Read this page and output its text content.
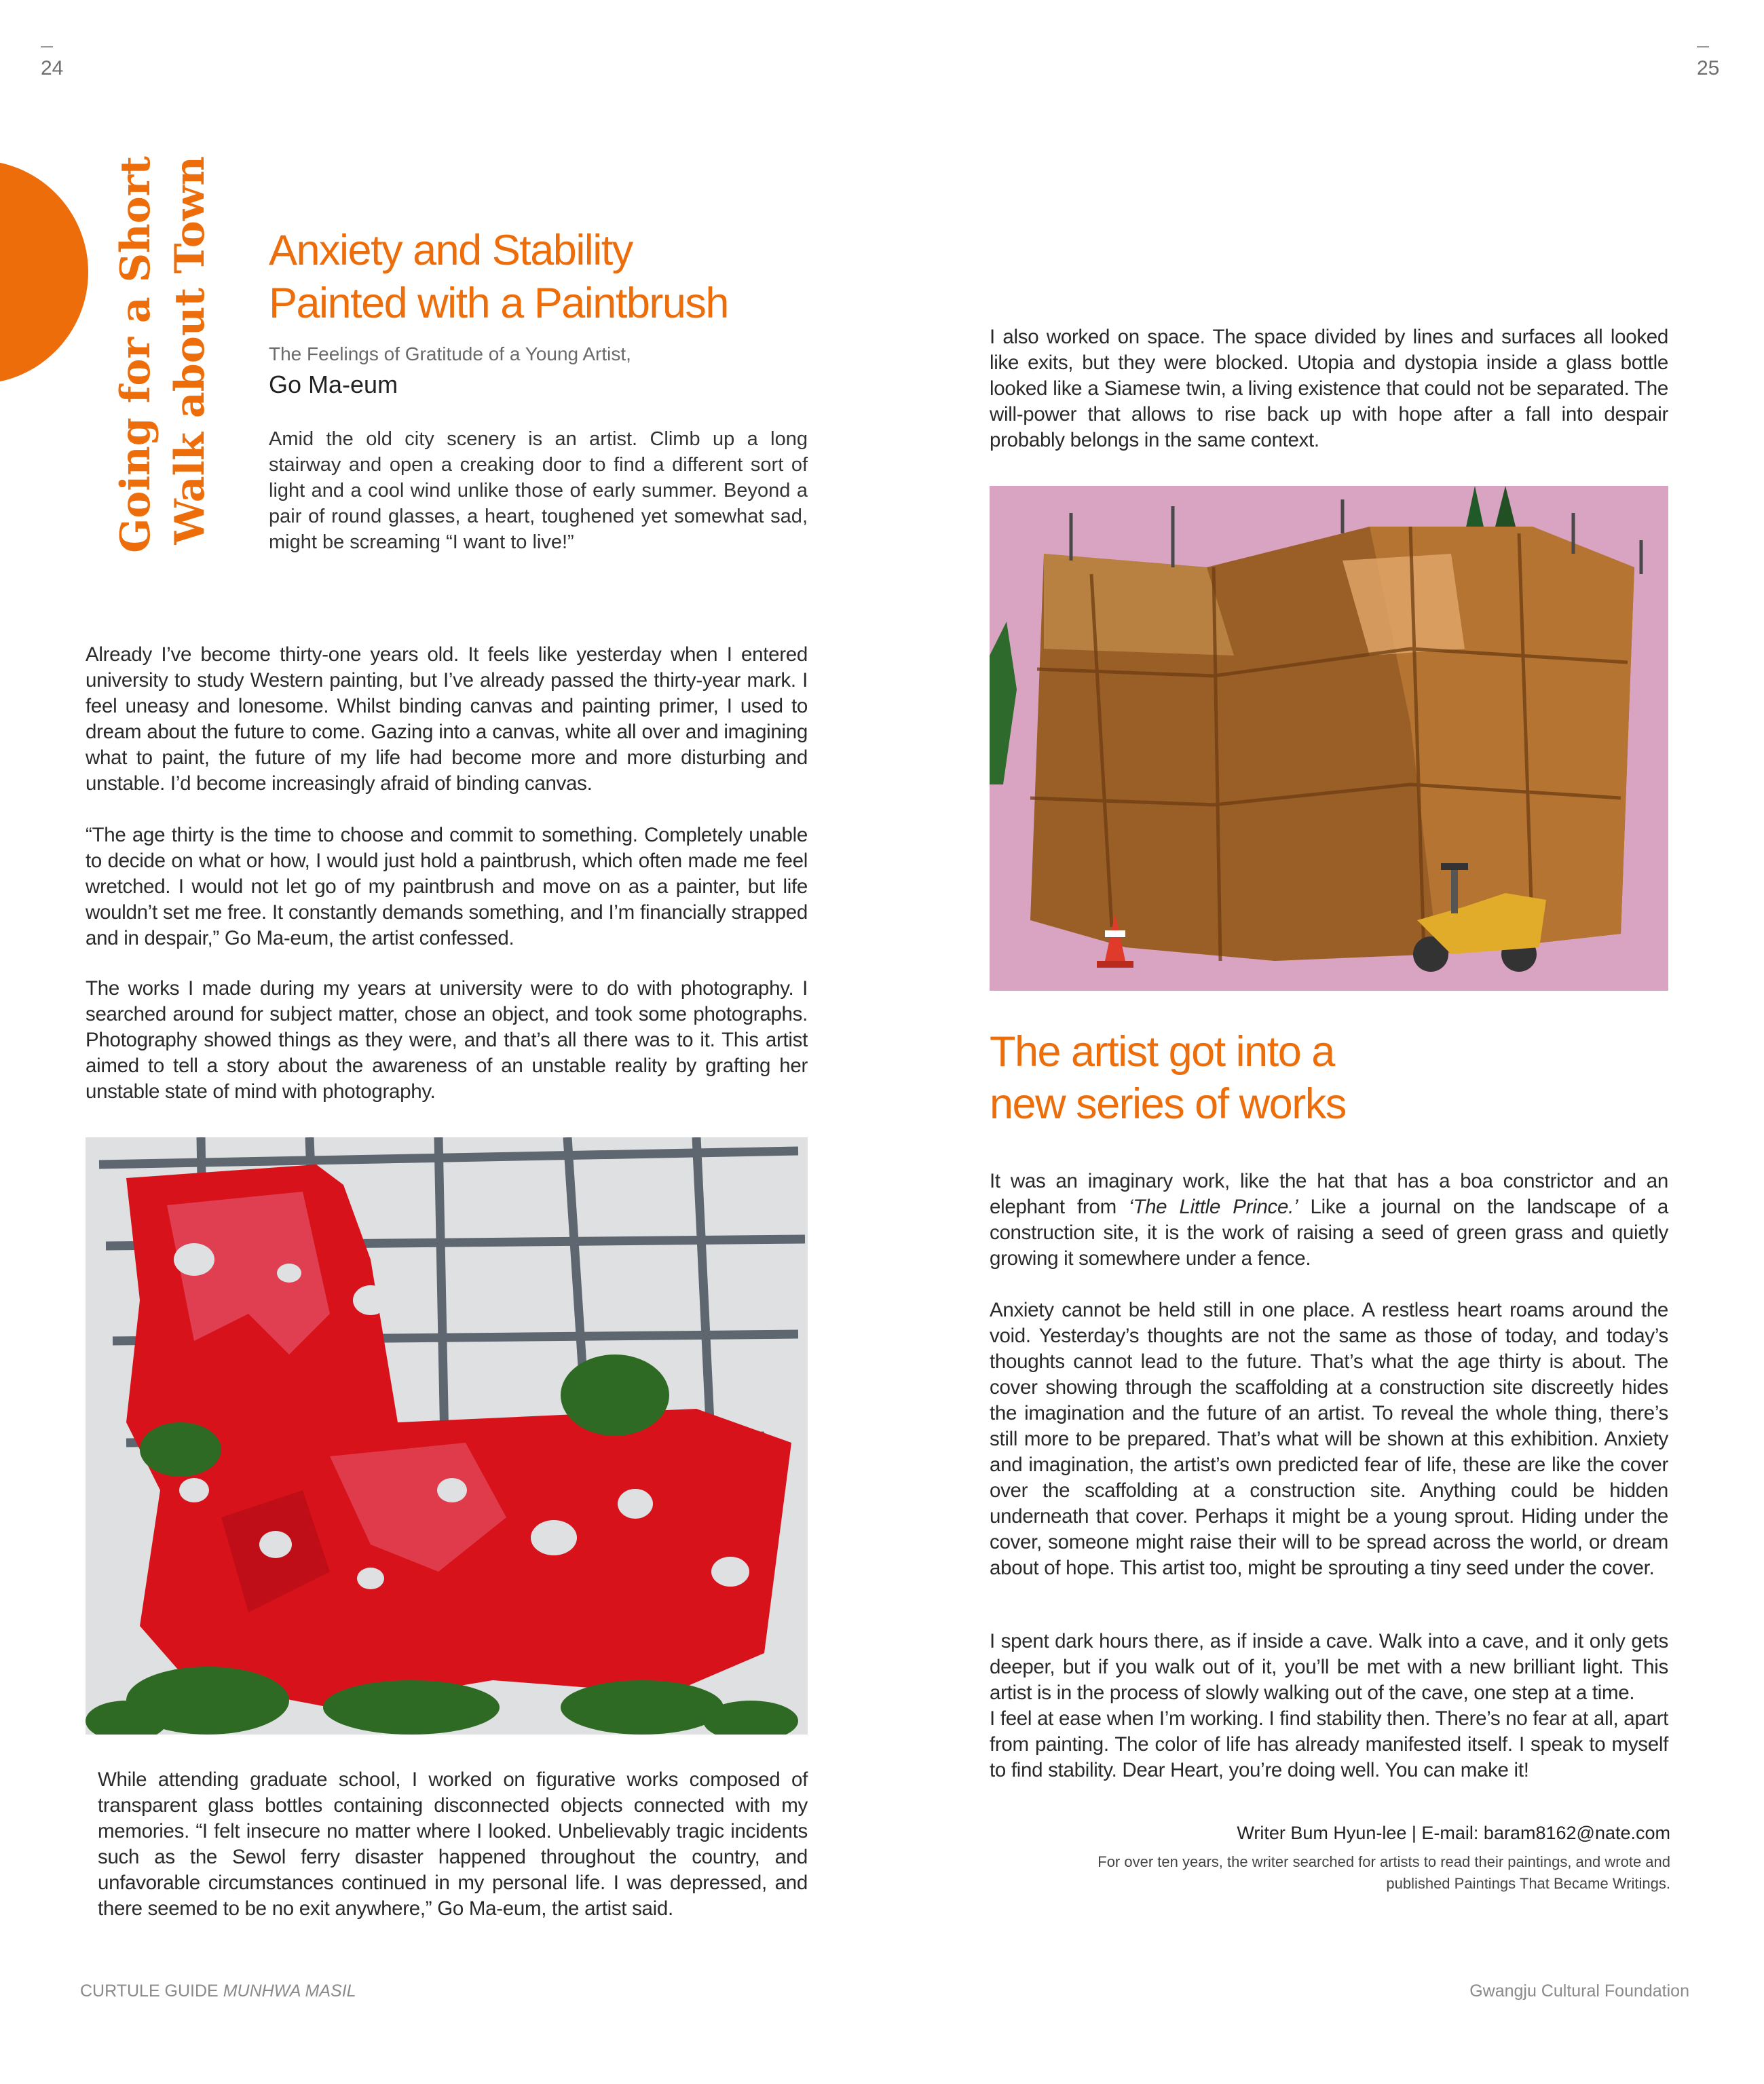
24	25
Going for a Short Walk about Town Anxiety and Stability
Painted with a Paintbrush
The Feelings of Gratitude of a Young Artist,
Go Ma-eum

Amid the old city scenery is an artist. Climb up a long stairway and open a creaking door to find a different sort of light and a cool wind unlike those of early summer. Beyond a pair of round glasses, a heart, toughened yet somewhat sad, might be screaming “I want to live!”

Already I’ve become thirty-one years old. It feels like yesterday when I entered university to study Western painting, but I’ve already passed the thirty-year mark. I feel uneasy and lonesome. Whilst binding canvas and painting primer, I used to dream about the future to come. Gazing into a canvas, white all over and imagining what to paint, the future of my life had become more and more disturbing and unstable. I’d become increasingly afraid of binding canvas.

“The age thirty is the time to choose and commit to something. Completely unable to decide on what or how, I would just hold a paintbrush, which often made me feel wretched. I would not let go of my paintbrush and move on as a painter, but life wouldn’t set me free. It constantly demands something, and I’m financially strapped and in despair,” Go Ma-eum, the artist confessed.

The works I made during my years at university were to do with photography. I searched around for subject matter, chose an object, and took some photographs. Photography showed things as they were, and that’s all there was to it. This artist aimed to tell a story about the awareness of an unstable reality by grafting her unstable state of mind with photography.

While attending graduate school, I worked on figurative works composed of transparent glass bottles containing disconnected objects connected with my memories. “I felt insecure no matter where I looked. Unbelievably tragic incidents such as the Sewol ferry disaster happened throughout the country, and unfavorable circumstances continued in my personal life. I was depressed, and there seemed to be no exit anywhere,” Go Ma-eum, the artist said.

I also worked on space. The space divided by lines and surfaces all looked like exits, but they were blocked. Utopia and dystopia inside a glass bottle looked like a Siamese twin, a living existence that could not be separated. The will-power that allows to rise back up with hope after a fall into despair probably belongs in the same context.

The artist got into a
new series of works

It was an imaginary work, like the hat that has a boa constrictor and an elephant from ‘The Little Prince.’ Like a journal on the landscape of a construction site, it is the work of raising a seed of green grass and quietly growing it somewhere under a fence.

Anxiety cannot be held still in one place. A restless heart roams around the void. Yesterday’s thoughts are not the same as those of today, and today’s thoughts cannot lead to the future. That’s what the age thirty is about. The cover showing through the scaffolding at a construction site discreetly hides the imagination and the future of an artist. To reveal the whole thing, there’s still more to be prepared. That’s what will be shown at this exhibition. Anxiety and imagination, the artist’s own predicted fear of life, these are like the cover over the scaffolding at a construction site. Anything could be hidden underneath that cover. Perhaps it might be a young sprout. Hiding under the cover, someone might raise their will to be spread across the world, or dream about of hope. This artist too, might be sprouting a tiny seed under the cover.

I spent dark hours there, as if inside a cave. Walk into a cave, and it only gets deeper, but if you walk out of it, you’ll be met with a new brilliant light. This artist is in the process of slowly walking out of the cave, one step at a time.

I feel at ease when I’m working. I find stability then. There’s no fear at all, apart from painting. The color of life has already manifested itself. I speak to myself to find stability. Dear Heart, you’re doing well. You can make it!

Writer Bum Hyun-lee | E-mail: baram8162@nate.com
For over ten years, the writer searched for artists to read their paintings, and wrote and
published Paintings That Became Writings.
CURTULE GUIDE MUNHWA MASIL	Gwangju Cultural Foundation
